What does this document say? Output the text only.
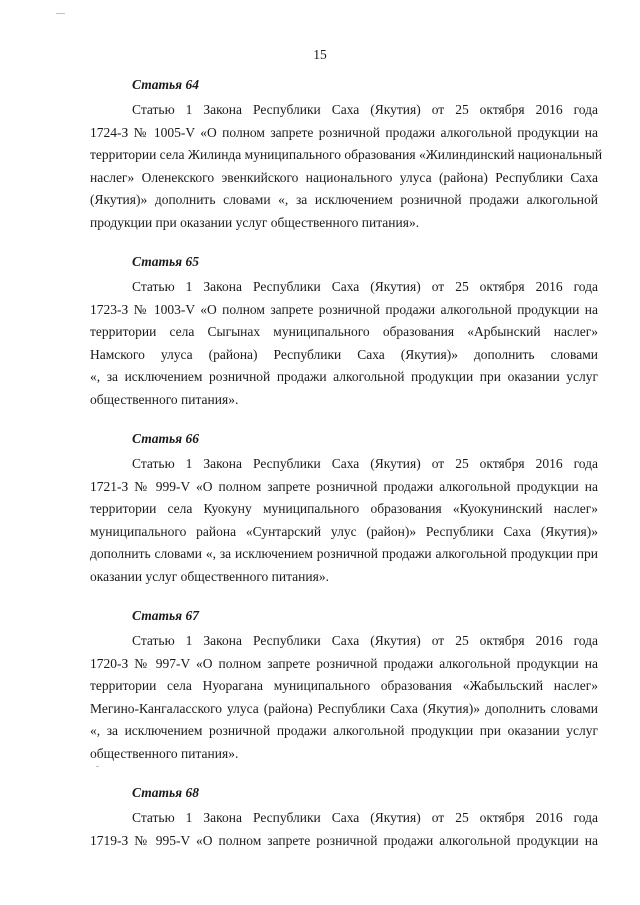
15
Статья 64

Статью 1 Закона Республики Саха (Якутия) от 25 октября 2016 года
1724-З № 1005-V «О полном запрете розничной продажи алкогольной продукции на
территории села Жилинда муниципального образования «Жилиндинский национальный
наслег» Оленекского эвенкийского национального улуса (района) Республики Саха
(Якутия)» дополнить словами «, за исключением розничной продажи алкогольной
продукции при оказании услуг общественного питания».

Статья 65

Статью 1 Закона Республики Саха (Якутия) от 25 октября 2016 года
1723-З № 1003-V «О полном запрете розничной продажи алкогольной продукции на
территории села Сыгынах муниципального образования «Арбынский наслег»
Намского улуса (района) Республики Саха (Якутия)» дополнить словами
«, за исключением розничной продажи алкогольной продукции при оказании услуг
общественного питания».

Статья 66

Статью 1 Закона Республики Саха (Якутия) от 25 октября 2016 года
1721-З № 999-V «О полном запрете розничной продажи алкогольной продукции на
территории села Куокуну муниципального образования «Куокунинский наслег»
муниципального района «Сунтарский улус (район)» Республики Саха (Якутия)»
дополнить словами «, за исключением розничной продажи алкогольной продукции при
оказании услуг общественного питания».

Статья 67

Статью 1 Закона Республики Саха (Якутия) от 25 октября 2016 года
1720-З № 997-V «О полном запрете розничной продажи алкогольной продукции на
территории села Нуорагана муниципального образования «Жабыльский наслег»
Мегино-Кангаласского улуса (района) Республики Саха (Якутия)» дополнить словами
«, за исключением розничной продажи алкогольной продукции при оказании услуг
общественного питания».

Статья 68

Статью 1 Закона Республики Саха (Якутия) от 25 октября 2016 года
1719-З № 995-V «О полном запрете розничной продажи алкогольной продукции на
